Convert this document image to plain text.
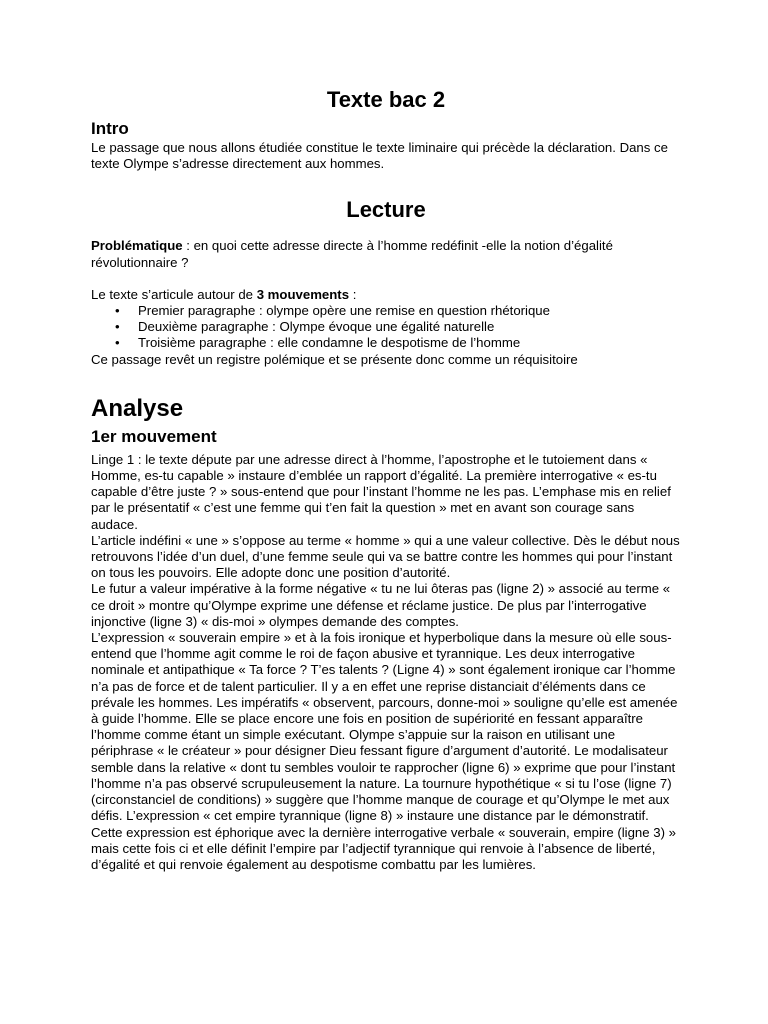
Texte bac 2
Intro

Le passage que nous allons étudiée constitue le texte liminaire qui précède la déclaration. Dans ce texte Olympe s’adresse directement aux hommes.

Lecture

Problématique : en quoi cette adresse directe à l’homme redéfinit -elle la notion d’égalité révolutionnaire ?

Le texte s’articule autour de 3 mouvements :

• Premier paragraphe : olympe opère une remise en question rhétorique
• Deuxième paragraphe : Olympe évoque une égalité naturelle
• Troisième paragraphe : elle condamne le despotisme de l’homme

Ce passage revêt un registre polémique et se présente donc comme un réquisitoire

Analyse
1er mouvement

Linge 1 : le texte députe par une adresse direct à l’homme, l’apostrophe et le tutoiement dans « Homme, es-tu capable » instaure d’emblée un rapport d’égalité. La première interrogative « es-tu capable d’être juste ? » sous-entend que pour l’instant l’homme ne les pas. L’emphase mis en relief par le présentatif « c’est une femme qui t’en fait la question » met en avant son courage sans audace.

L’article indéfini « une » s’oppose au terme « homme » qui a une valeur collective. Dès le début nous retrouvons l’idée d’un duel, d’une femme seule qui va se battre contre les hommes qui pour l’instant on tous les pouvoirs. Elle adopte donc une position d’autorité.

Le futur a valeur impérative à la forme négative « tu ne lui ôteras pas (ligne 2) » associé au terme « ce droit » montre qu’Olympe exprime une défense et réclame justice. De plus par l’interrogative injonctive (ligne 3) « dis-moi » olympes demande des comptes.

L’expression « souverain empire » et à la fois ironique et hyperbolique dans la mesure où elle sous-entend que l’homme agit comme le roi de façon abusive et tyrannique. Les deux interrogative nominale et antipathique « Ta force ? T’es talents ? (Ligne 4) » sont également ironique car l’homme n’a pas de force et de talent particulier. Il y a en effet une reprise distanciait d’éléments dans ce prévale les hommes. Les impératifs « observent, parcours, donne-moi » souligne qu’elle est amenée à guide l’homme. Elle se place encore une fois en position de supériorité en fessant apparaître l’homme comme étant un simple exécutant. Olympe s’appuie sur la raison en utilisant une périphrase « le créateur » pour désigner Dieu fessant figure d’argument d’autorité. Le modalisateur semble dans la relative « dont tu sembles vouloir te rapprocher (ligne 6) » exprime que pour l’instant l’homme n’a pas observé scrupuleusement la nature. La tournure hypothétique « si tu l’ose (ligne 7) (circonstanciel de conditions) » suggère que l’homme manque de courage et qu’Olympe le met aux défis. L’expression « cet empire tyrannique (ligne 8) » instaure une distance par le démonstratif. Cette expression est éphorique avec la dernière interrogative verbale « souverain, empire (ligne 3) » mais cette fois ci et elle définit l’empire par l’adjectif tyrannique qui renvoie à l’absence de liberté, d’égalité et qui renvoie également au despotisme combattu par les lumières.
